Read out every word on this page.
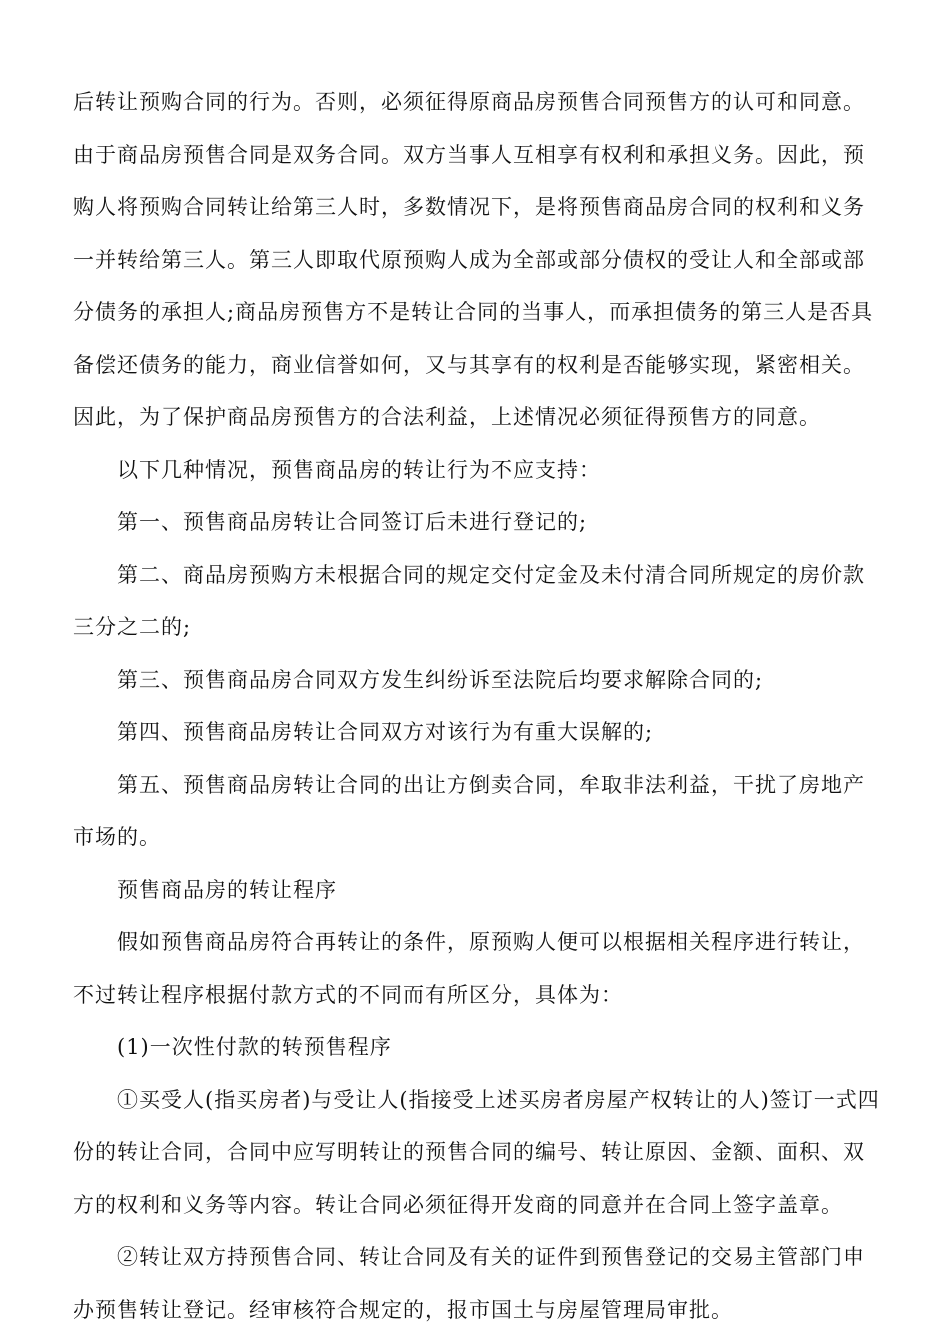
后转让预购合同的行为。否则，必须征得原商品房预售合同预售方的认可和同意。由于商品房预售合同是双务合同。双方当事人互相享有权利和承担义务。因此，预购人将预购合同转让给第三人时，多数情况下，是将预售商品房合同的权利和义务一并转给第三人。第三人即取代原预购人成为全部或部分债权的受让人和全部或部分债务的承担人;商品房预售方不是转让合同的当事人，而承担债务的第三人是否具备偿还债务的能力，商业信誉如何，又与其享有的权利是否能够实现，紧密相关。因此，为了保护商品房预售方的合法利益，上述情况必须征得预售方的同意。

以下几种情况，预售商品房的转让行为不应支持：

第一、预售商品房转让合同签订后未进行登记的;

第二、商品房预购方未根据合同的规定交付定金及未付清合同所规定的房价款三分之二的;

第三、预售商品房合同双方发生纠纷诉至法院后均要求解除合同的;

第四、预售商品房转让合同双方对该行为有重大误解的;

第五、预售商品房转让合同的出让方倒卖合同，牟取非法利益，干扰了房地产市场的。

预售商品房的转让程序

假如预售商品房符合再转让的条件，原预购人便可以根据相关程序进行转让，不过转让程序根据付款方式的不同而有所区分，具体为：

(1)一次性付款的转预售程序

①买受人(指买房者)与受让人(指接受上述买房者房屋产权转让的人)签订一式四份的转让合同，合同中应写明转让的预售合同的编号、转让原因、金额、面积、双方的权利和义务等内容。转让合同必须征得开发商的同意并在合同上签字盖章。

②转让双方持预售合同、转让合同及有关的证件到预售登记的交易主管部门申办预售转让登记。经审核符合规定的，报市国土与房屋管理局审批。
